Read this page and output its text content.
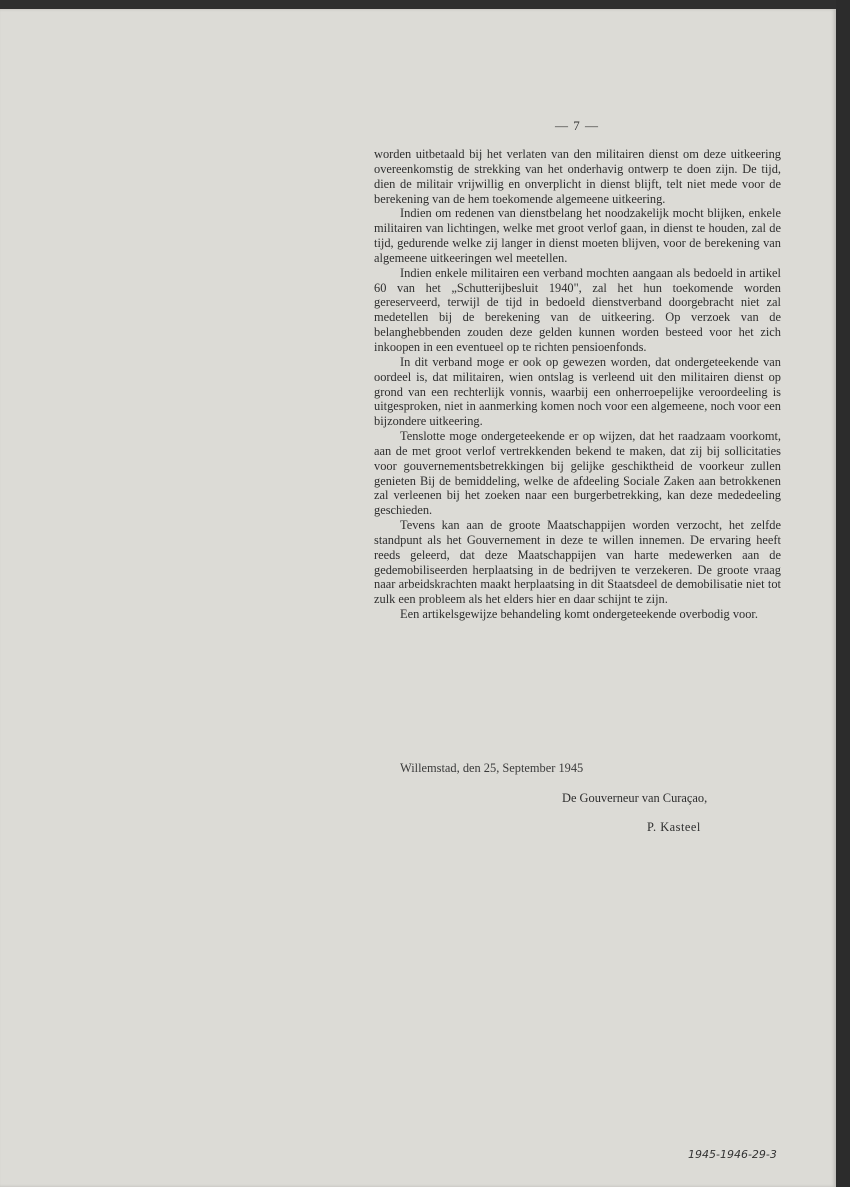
— 7 —

worden uitbetaald bij het verlaten van den militairen dienst om deze uitkeering overeenkomstig de strekking van het onderhavig ontwerp te doen zijn. De tijd, dien de militair vrijwillig en onverplicht in dienst blijft, telt niet mede voor de berekening van de hem toekomende algemeene uitkeering.

Indien om redenen van dienstbelang het noodzakelijk mocht blijken, enkele militairen van lichtingen, welke met groot verlof gaan, in dienst te houden, zal de tijd, gedurende welke zij langer in dienst moeten blijven, voor de berekening van algemeene uitkeeringen wel meetellen.

Indien enkele militairen een verband mochten aangaan als bedoeld in artikel 60 van het „Schutterijbesluit 1940", zal het hun toekomende worden gereserveerd, terwijl de tijd in bedoeld dienstverband doorgebracht niet zal medetellen bij de berekening van de uitkeering. Op verzoek van de belanghebbenden zouden deze gelden kunnen worden besteed voor het zich inkoopen in een eventueel op te richten pensioenfonds.

In dit verband moge er ook op gewezen worden, dat ondergeteekende van oordeel is, dat militairen, wien ontslag is verleend uit den militairen dienst op grond van een rechterlijk vonnis, waarbij een onherroepelijke veroordeeling is uitgesproken, niet in aanmerking komen noch voor een algemeene, noch voor een bijzondere uitkeering.

Tenslotte moge ondergeteekende er op wijzen, dat het raadzaam voorkomt, aan de met groot verlof vertrekkenden bekend te maken, dat zij bij sollicitaties voor gouvernementsbetrekkingen bij gelijke geschiktheid de voorkeur zullen genieten Bij de bemiddeling, welke de afdeeling Sociale Zaken aan betrokkenen zal verleenen bij het zoeken naar een burgerbetrekking, kan deze mededeeling geschieden.

Tevens kan aan de groote Maatschappijen worden verzocht, het zelfde standpunt als het Gouvernement in deze te willen innemen. De ervaring heeft reeds geleerd, dat deze Maatschappijen van harte medewerken aan de gedemobiliseerden herplaatsing in de bedrijven te verzekeren. De groote vraag naar arbeidskrachten maakt herplaatsing in dit Staatsdeel de demobilisatie niet tot zulk een probleem als het elders hier en daar schijnt te zijn.

Een artikelsgewijze behandeling komt ondergeteekende overbodig voor.

Willemstad, den 25, September 1945
De Gouverneur van Curaçao,
P. Kasteel
1945-1946-29-3
